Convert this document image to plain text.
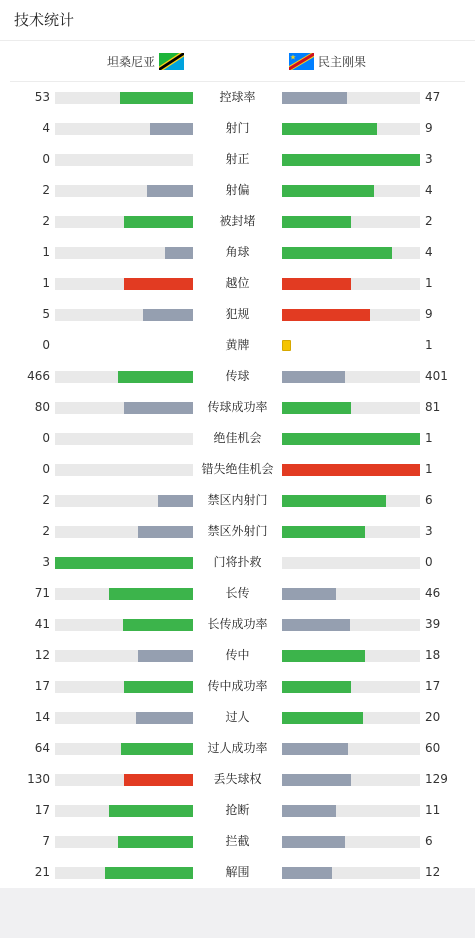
技术统计
坦桑尼亚	民主刚果
53	控球率	47
4	射门	9
0	射正	3
2	射偏	4
2	被封堵	2
1	角球	4
1	越位	1
5	犯规	9
0	黄牌	1
466	传球	401
80	传球成功率	81
0	绝佳机会	1
0	错失绝佳机会	1
2	禁区内射门	6
2	禁区外射门	3
3	门将扑救	0
71	长传	46
41	长传成功率	39
12	传中	18
17	传中成功率	17
14	过人	20
64	过人成功率	60
130	丢失球权	129
17	抢断	11
7	拦截	6
21	解围	12
